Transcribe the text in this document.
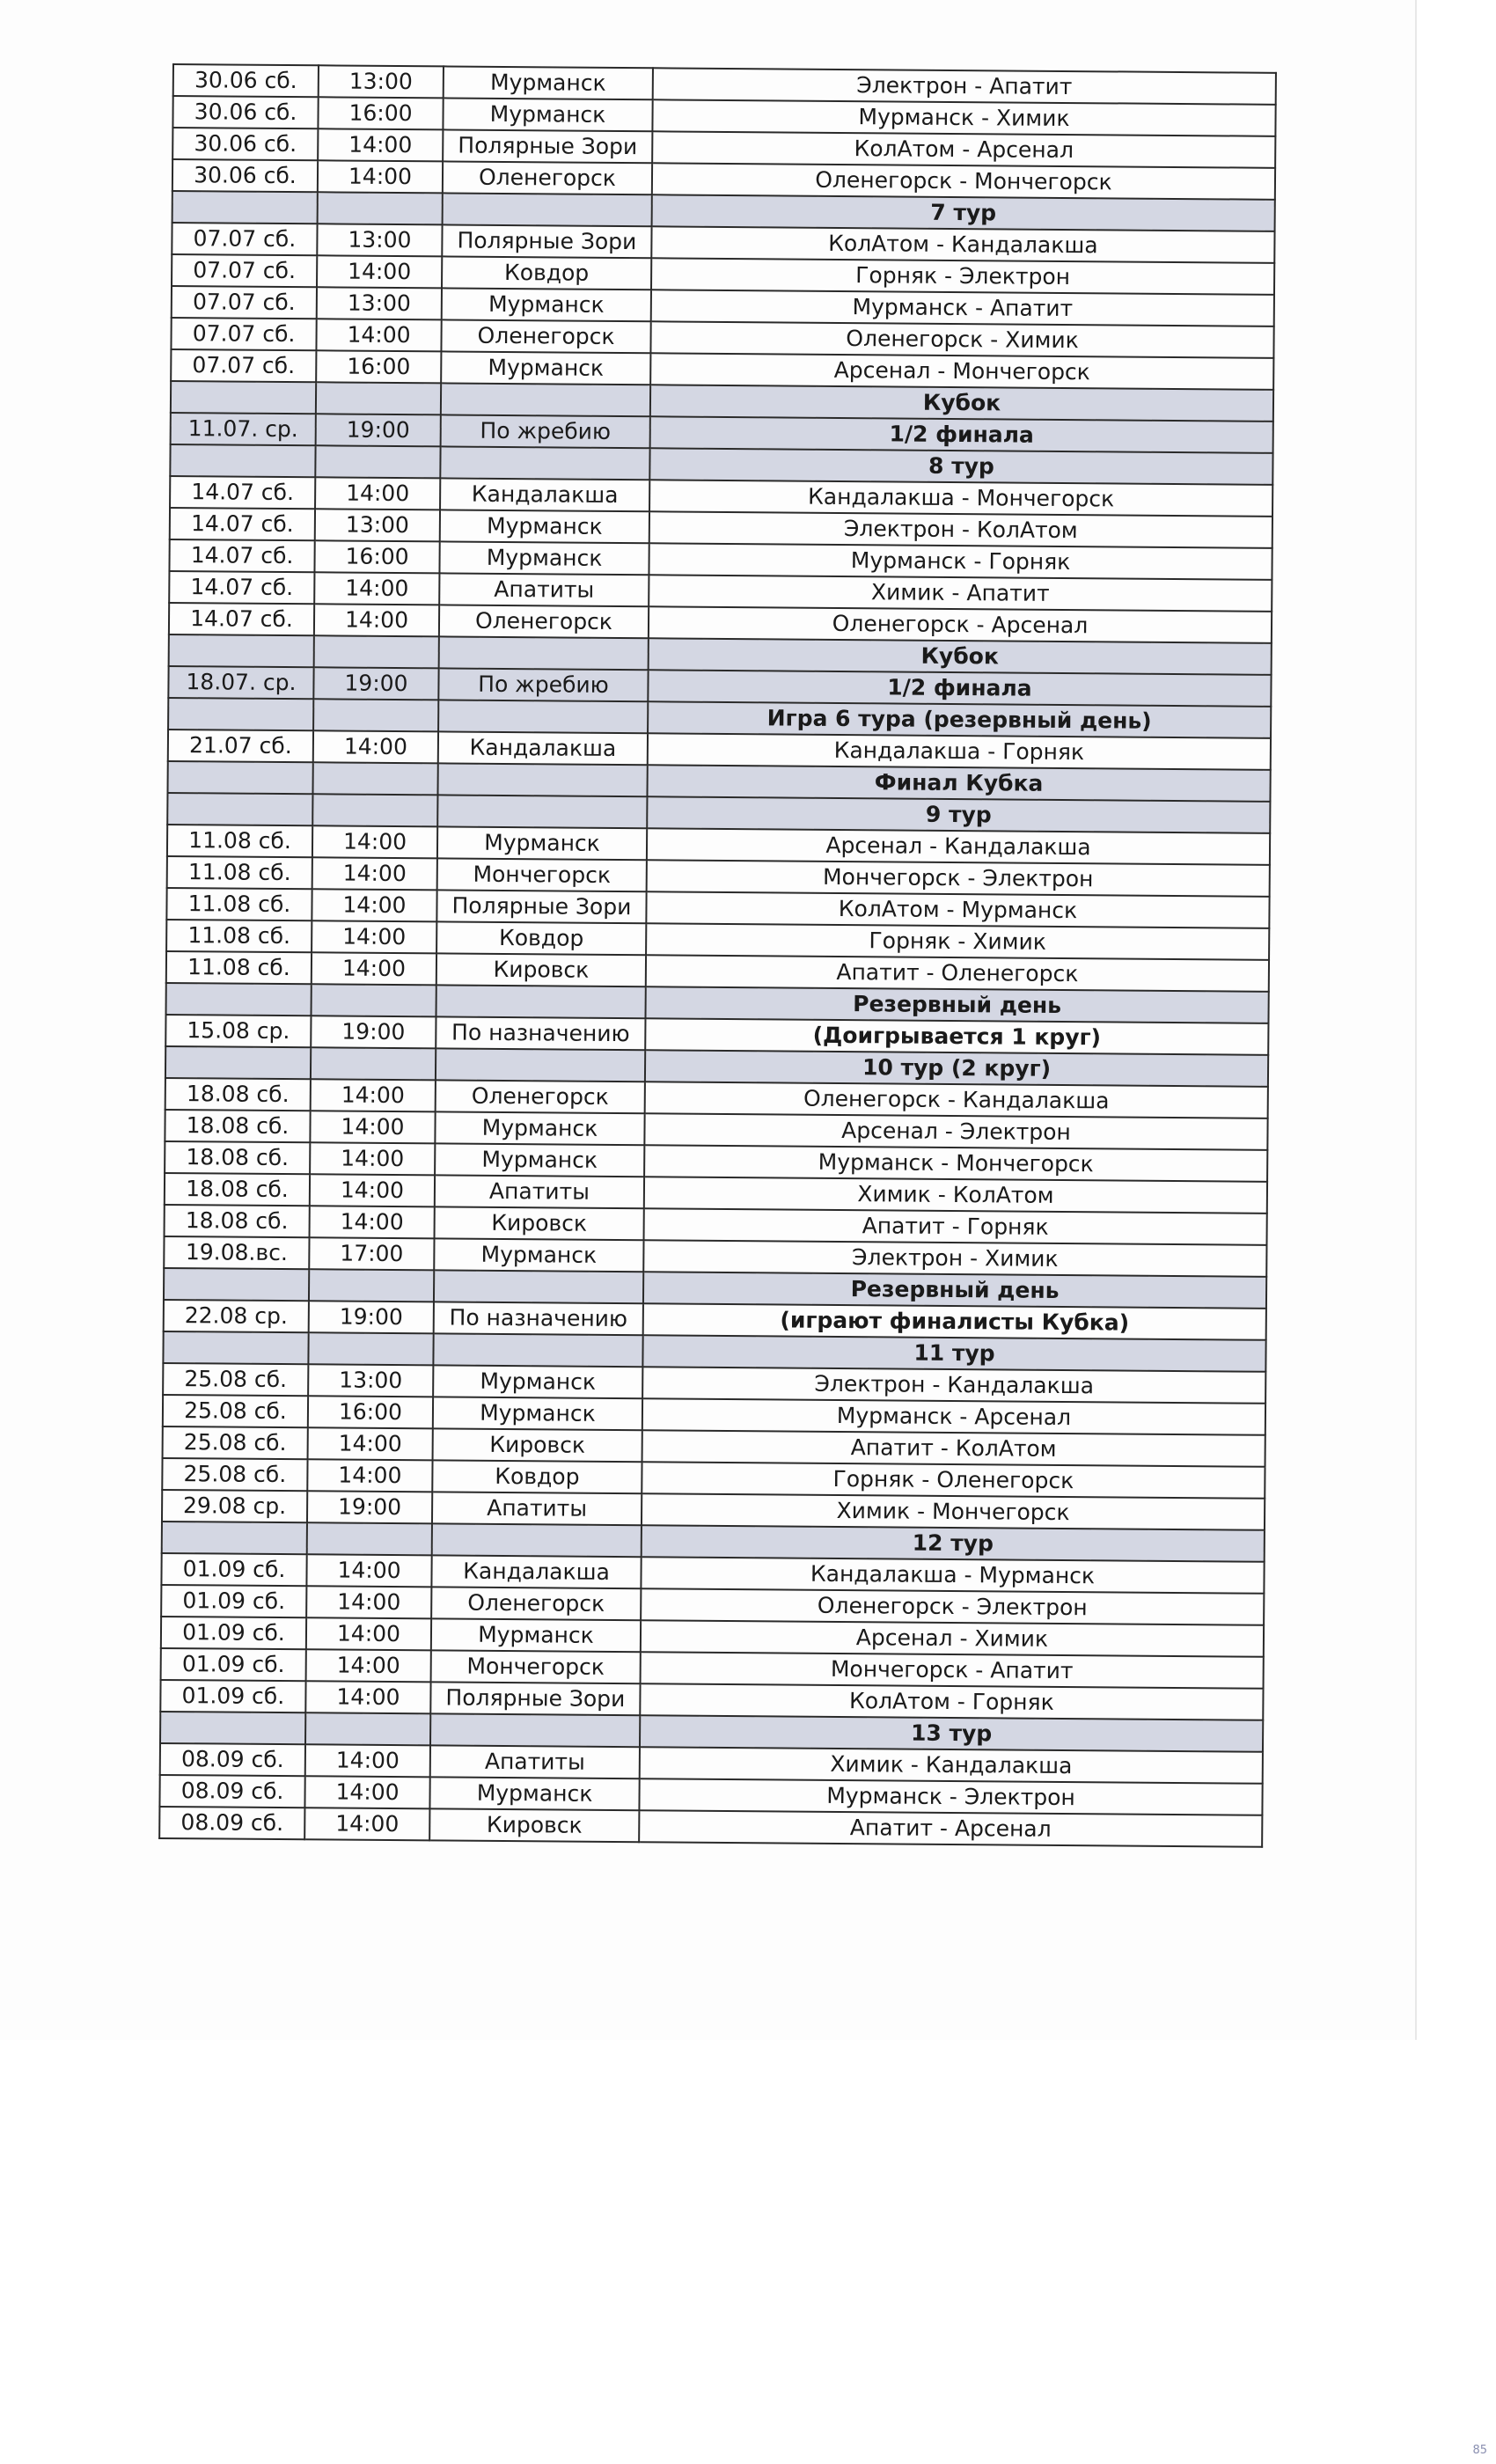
30.06 сб.	13:00	Мурманск	Электрон - Апатит
30.06 сб.	16:00	Мурманск	Мурманск - Химик
30.06 сб.	14:00	Полярные Зори	КолАтом - Арсенал
30.06 сб.	14:00	Оленегорск	Оленегорск - Мончегорск
			7 тур
07.07 сб.	13:00	Полярные Зори	КолАтом - Кандалакша
07.07 сб.	14:00	Ковдор	Горняк - Электрон
07.07 сб.	13:00	Мурманск	Мурманск - Апатит
07.07 сб.	14:00	Оленегорск	Оленегорск - Химик
07.07 сб.	16:00	Мурманск	Арсенал - Мончегорск
			Кубок
11.07. ср.	19:00	По жребию	1/2 финала
			8 тур
14.07 сб.	14:00	Кандалакша	Кандалакша - Мончегорск
14.07 сб.	13:00	Мурманск	Электрон - КолАтом
14.07 сб.	16:00	Мурманск	Мурманск - Горняк
14.07 сб.	14:00	Апатиты	Химик - Апатит
14.07 сб.	14:00	Оленегорск	Оленегорск - Арсенал
			Кубок
18.07. ср.	19:00	По жребию	1/2 финала
			Игра 6 тура (резервный день)
21.07 сб.	14:00	Кандалакша	Кандалакша - Горняк
			Финал Кубка
			9 тур
11.08 сб.	14:00	Мурманск	Арсенал - Кандалакша
11.08 сб.	14:00	Мончегорск	Мончегорск - Электрон
11.08 сб.	14:00	Полярные Зори	КолАтом - Мурманск
11.08 сб.	14:00	Ковдор	Горняк - Химик
11.08 сб.	14:00	Кировск	Апатит - Оленегорск
			Резервный день
15.08 ср.	19:00	По назначению	(Доигрывается 1 круг)
			10 тур (2 круг)
18.08 сб.	14:00	Оленегорск	Оленегорск - Кандалакша
18.08 сб.	14:00	Мурманск	Арсенал - Электрон
18.08 сб.	14:00	Мурманск	Мурманск - Мончегорск
18.08 сб.	14:00	Апатиты	Химик - КолАтом
18.08 сб.	14:00	Кировск	Апатит - Горняк
19.08.вс.	17:00	Мурманск	Электрон - Химик
			Резервный день
22.08 ср.	19:00	По назначению	(играют финалисты Кубка)
			11 тур
25.08 сб.	13:00	Мурманск	Электрон - Кандалакша
25.08 сб.	16:00	Мурманск	Мурманск - Арсенал
25.08 сб.	14:00	Кировск	Апатит - КолАтом
25.08 сб.	14:00	Ковдор	Горняк - Оленегорск
29.08 ср.	19:00	Апатиты	Химик - Мончегорск
			12 тур
01.09 сб.	14:00	Кандалакша	Кандалакша - Мурманск
01.09 сб.	14:00	Оленегорск	Оленегорск - Электрон
01.09 сб.	14:00	Мурманск	Арсенал - Химик
01.09 сб.	14:00	Мончегорск	Мончегорск - Апатит
01.09 сб.	14:00	Полярные Зори	КолАтом - Горняк
			13 тур
08.09 сб.	14:00	Апатиты	Химик - Кандалакша
08.09 сб.	14:00	Мурманск	Мурманск - Электрон
08.09 сб.	14:00	Кировск	Апатит - Арсенал
85
